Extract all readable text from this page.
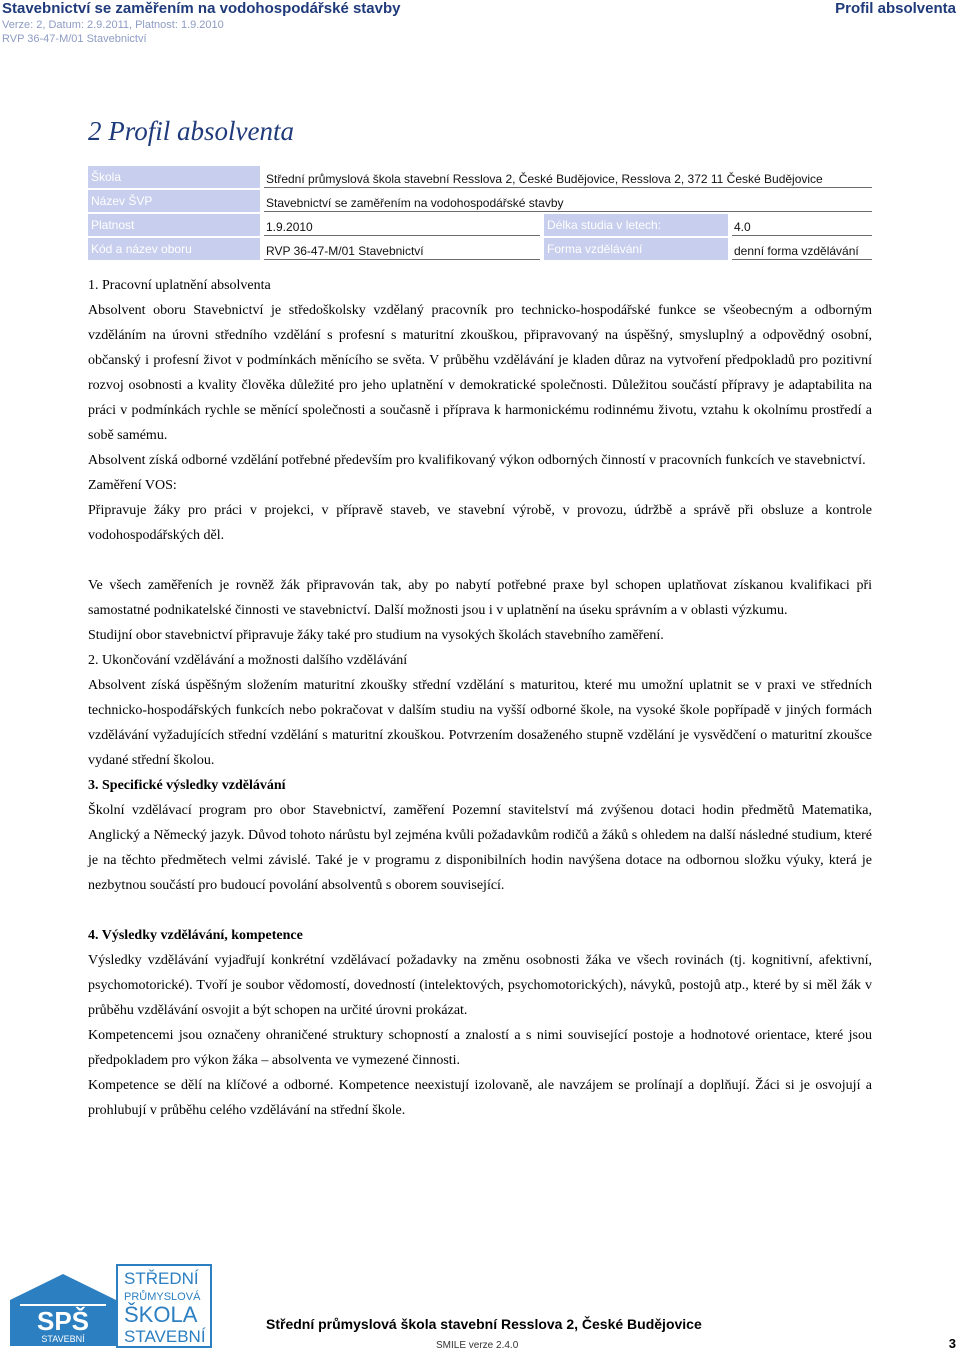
Stavebnictví se zaměřením na vodohospodářské stavby
Verze: 2, Datum: 2.9.2011, Platnost: 1.9.2010
RVP 36-47-M/01 Stavebnictví
Profil absolventa
2 Profil absolventa
Škola	Střední průmyslová škola stavební Resslova 2, České Budějovice, Resslova 2, 372 11 České Budějovice
Název ŠVP	Stavebnictví se zaměřením na vodohospodářské stavby
Platnost	1.9.2010	Délka studia v letech:	4.0
Kód a název oboru	RVP 36-47-M/01 Stavebnictví	Forma vzdělávání	denní forma vzdělávání

1. Pracovní uplatnění absolventa

Absolvent oboru Stavebnictví je středoškolsky vzdělaný pracovník pro technicko-hospodářské funkce se všeobecným a odborným vzděláním na úrovni středního vzdělání s profesní s maturitní zkouškou, připravovaný na úspěšný, smysluplný a odpovědný osobní, občanský i profesní život v podmínkách měnícího se světa. V průběhu vzdělávání je kladen důraz na vytvoření předpokladů pro pozitivní rozvoj osobnosti a kvality člověka důležité pro jeho uplatnění v demokratické společnosti. Důležitou součástí přípravy je adaptabilita na práci v podmínkách rychle se měnící společnosti a současně i příprava k harmonickému rodinnému životu, vztahu k okolnímu prostředí a sobě samému.

Absolvent získá odborné vzdělání potřebné především pro kvalifikovaný výkon odborných činností v pracovních funkcích ve stavebnictví.

Zaměření VOS:

Připravuje žáky pro práci v projekci, v přípravě staveb, ve stavební výrobě, v provozu, údržbě a správě při obsluze a kontrole vodohospodářských děl.

Ve všech zaměřeních je rovněž žák připravován tak, aby po nabytí potřebné praxe byl schopen uplatňovat získanou kvalifikaci při samostatné podnikatelské činnosti ve stavebnictví. Další možnosti jsou i v uplatnění na úseku správním a v oblasti výzkumu.

Studijní obor stavebnictví připravuje žáky také pro studium na vysokých školách stavebního zaměření.

2. Ukončování vzdělávání a možnosti dalšího vzdělávání

Absolvent získá úspěšným složením maturitní zkoušky střední vzdělání s maturitou, které mu umožní uplatnit se v praxi ve středních technicko-hospodářských funkcích nebo pokračovat v dalším studiu na vyšší odborné škole, na vysoké škole popřípadě v jiných formách vzdělávání vyžadujících střední vzdělání s maturitní zkouškou. Potvrzením dosaženého stupně vzdělání je vysvědčení o maturitní zkoušce vydané střední školou.

3. Specifické výsledky vzdělávání

Školní vzdělávací program pro obor Stavebnictví, zaměření Pozemní stavitelství má zvýšenou dotaci hodin předmětů Matematika, Anglický a Německý jazyk. Důvod tohoto nárůstu byl zejména kvůli požadavkům rodičů a žáků s ohledem na další následné studium, které je na těchto předmětech velmi závislé. Také je v programu z disponibilních hodin navýšena dotace na odbornou složku výuky, která je nezbytnou součástí pro budoucí povolání absolventů s oborem související.

4. Výsledky vzdělávání, kompetence

Výsledky vzdělávání vyjadřují konkrétní vzdělávací požadavky na změnu osobnosti žáka ve všech rovinách (tj. kognitivní, afektivní, psychomotorické). Tvoří je soubor vědomostí, dovedností (intelektových, psychomotorických), návyků, postojů atp., které by si měl žák v průběhu vzdělávání osvojit a být schopen na určité úrovni prokázat.

Kompetencemi jsou označeny ohraničené struktury schopností a znalostí a s nimi související postoje a hodnotové orientace, které jsou předpokladem pro výkon žáka – absolventa ve vymezené činnosti.

Kompetence se dělí na klíčové a odborné. Kompetence neexistují izolovaně, ale navzájem se prolínají a doplňují. Žáci si je osvojují a prohlubují v průběhu celého vzdělávání na střední škole.

SPŠ
STAVEBNÍ
STŘEDNÍ
PRŮMYSLOVÁ
ŠKOLA
STAVEBNÍ
Střední průmyslová škola stavební Resslova 2, České Budějovice
SMILE verze 2.4.0	3
